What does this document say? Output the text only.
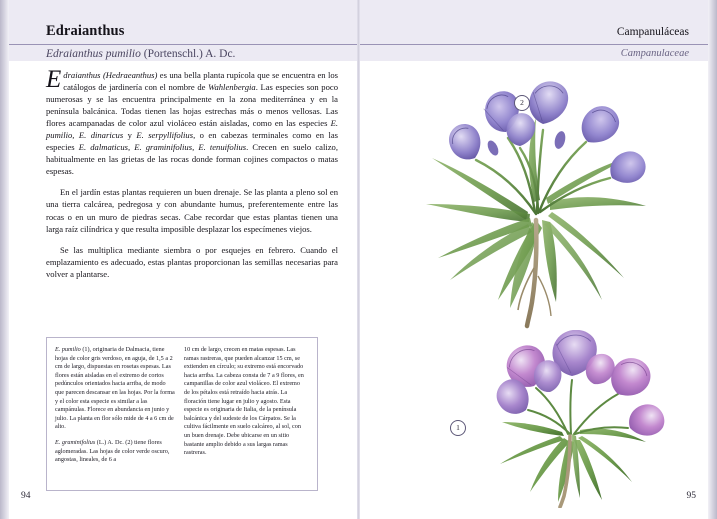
Edraianthus
Edraianthus pumilio (Portenschl.) A. Dc.

Edraianthus (Hedraeanthus) es una bella planta rupícola que se encuentra en los catálogos de jardinería con el nombre de Wahlenbergia. Las especies son poco numerosas y se las encuentra principalmente en la zona mediterránea y en la península balcánica. Todas tienen las hojas estrechas más o menos vellosas. Las flores acampanadas de color azul violáceo están aisladas, como en las especies E. pumilio, E. dinaricus y E. serpyllifolius, o en cabezas terminales como en las especies E. dalmaticus, E. graminifolius, E. tenuifolius. Crecen en suelo calizo, habitualmente en las grietas de las rocas donde forman cojines compactos o matas espesas.

En el jardín estas plantas requieren un buen drenaje. Se las planta a pleno sol en una tierra calcárea, pedregosa y con abundante humus, preferentemente entre las rocas o en un muro de piedras secas. Cabe recordar que estas plantas tienen una larga raíz cilíndrica y que resulta imposible desplazar los especímenes viejos.

Se las multiplica mediante siembra o por esquejes en febrero. Cuando el emplazamiento es adecuado, estas plantas proporcionan las semillas necesarias para volver a plantarse.

E. pumilio (1), originaria de Dalmacia, tiene hojas de color gris verdoso, en aguja, de 1,5 a 2 cm de largo, dispuestas en rosetas espesas. Las flores están aisladas en el extremo de cortos pedúnculos orientados hacia arriba, de modo que parecen descansar en las hojas. Por la forma y el color esta especie es similar a las campánulas. Florece en abundancia en junio y julio. La planta en flor sólo mide de 4 a 6 cm de alto.

E. graminifolius (L.) A. Dc. (2) tiene flores aglomeradas. Las hojas de color verde oscuro, angostas, lineales, de 6 a

10 cm de largo, crecen en matas espesas. Las ramas rastreras, que pueden alcanzar 15 cm, se extienden en círculo; su extremo está encorvado hacia arriba. La cabeza consta de 7 a 9 flores, en campanillas de color azul violáceo. El extremo de los pétalos está retraído hacia atrás. La floración tiene lugar en julio y agosto. Esta especie es originaria de Italia, de la península balcánica y del sudeste de los Cárpatos. Se la cultiva fácilmente en suelo calcáreo, al sol, con un buen drenaje. Debe ubicarse en un sitio bastante amplio debido a sus largas ramas rastreras.

94
Campanuláceas
Campanulaceae
2
1
95
